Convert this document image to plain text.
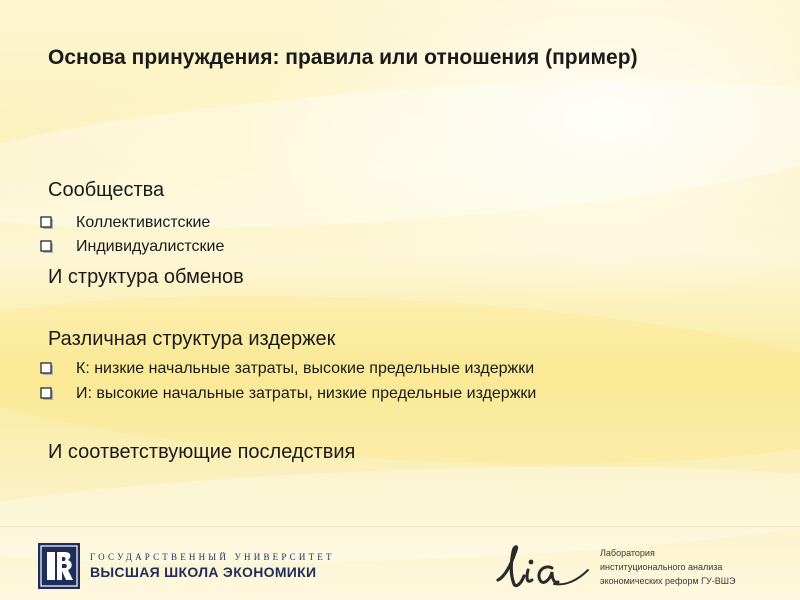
Основа принуждения: правила или отношения (пример)
Сообщества
Коллективистские
Индивидуалистские
И структура обменов
Различная структура издержек
К: низкие начальные затраты, высокие предельные издержки
И: высокие начальные затраты, низкие предельные издержки
И соответствующие последствия
ГОСУДАРСТВЕННЫЙ УНИВЕРСИТЕТ
ВЫСШАЯ ШКОЛА ЭКОНОМИКИ
Лаборатория
институционального анализа
экономических реформ ГУ-ВШЭ
